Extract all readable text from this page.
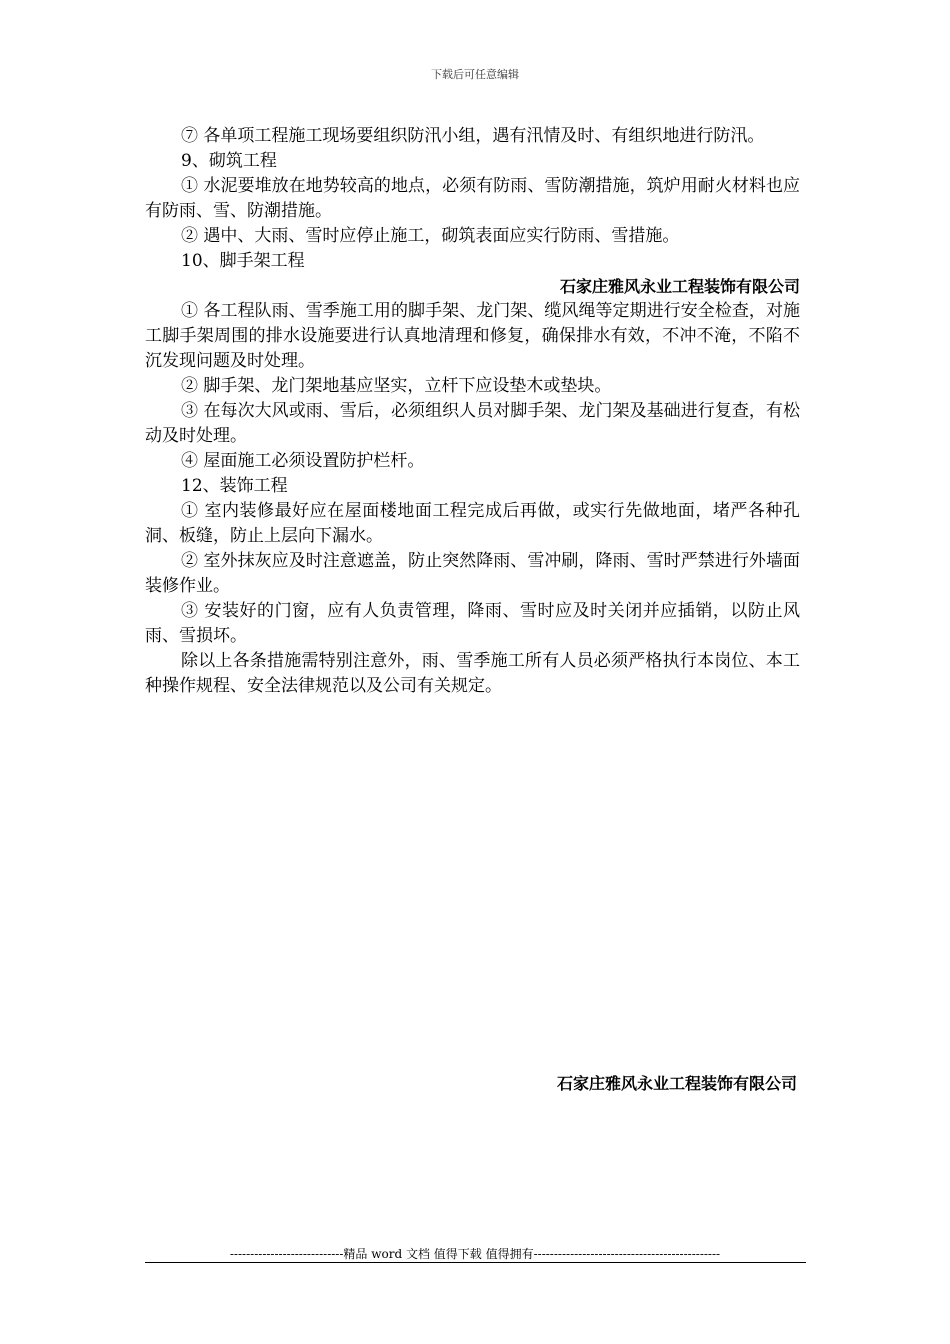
下载后可任意编辑

⑦ 各单项工程施工现场要组织防汛小组，遇有汛情及时、有组织地进行防汛。

9、砌筑工程

① 水泥要堆放在地势较高的地点，必须有防雨、雪防潮措施，筑炉用耐火材料也应有防雨、雪、防潮措施。

② 遇中、大雨、雪时应停止施工，砌筑表面应实行防雨、雪措施。

10、脚手架工程

石家庄雅风永业工程装饰有限公司

① 各工程队雨、雪季施工用的脚手架、龙门架、缆风绳等定期进行安全检查，对施工脚手架周围的排水设施要进行认真地清理和修复，确保排水有效，不冲不淹，不陷不沉发现问题及时处理。

② 脚手架、龙门架地基应坚实，立杆下应设垫木或垫块。

③ 在每次大风或雨、雪后，必须组织人员对脚手架、龙门架及基础进行复查，有松动及时处理。

④ 屋面施工必须设置防护栏杆。

12、装饰工程

① 室内装修最好应在屋面楼地面工程完成后再做，或实行先做地面，堵严各种孔洞、板缝，防止上层向下漏水。

② 室外抹灰应及时注意遮盖，防止突然降雨、雪冲刷，降雨、雪时严禁进行外墙面装修作业。

③ 安装好的门窗，应有人负责管理，降雨、雪时应及时关闭并应插销，以防止风雨、雪损坏。

除以上各条措施需特别注意外，雨、雪季施工所有人员必须严格执行本岗位、本工种操作规程、安全法律规范以及公司有关规定。

石家庄雅风永业工程装饰有限公司
----------------------------精品 word 文档 值得下载 值得拥有----------------------------------------------
